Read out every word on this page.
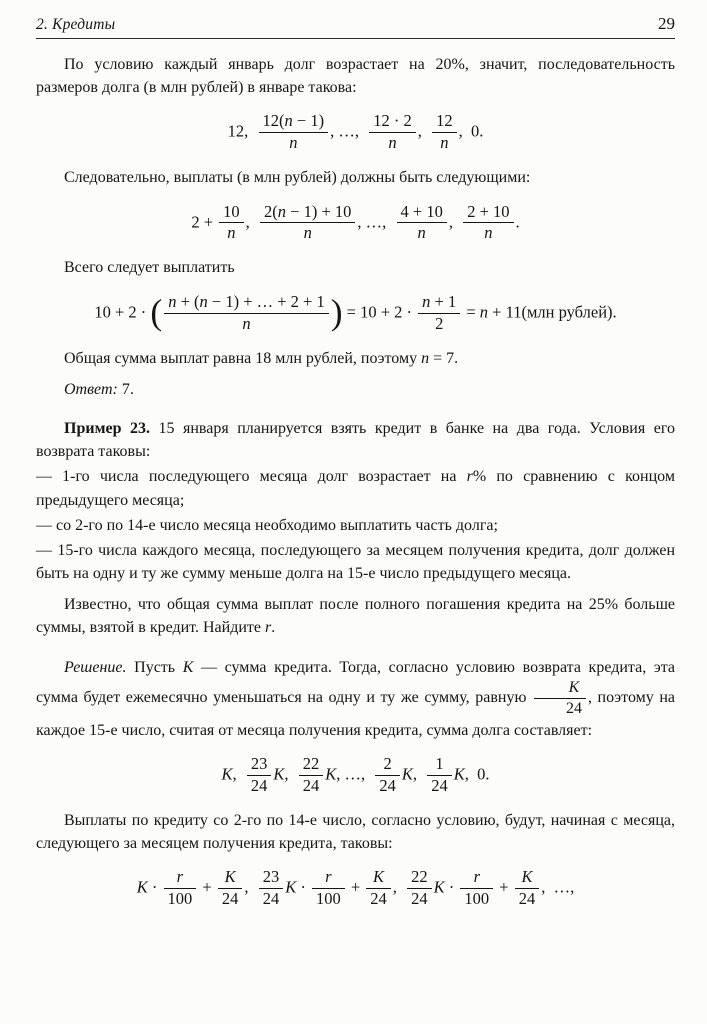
2. Кредиты	29

По условию каждый январь долг возрастает на 20%, значит, последовательность размеров долга (в млн рублей) в январе такова:

12, $\frac{12(n - 1)}{n}$ , …, $\frac{12 \cdot 2}{n}$ , $\frac{12}{n}$ ,  0.

Следовательно, выплаты (в млн рублей) должны быть следующими:

$2 + \frac{10}{n}$ , $\frac{2(n - 1) + 10}{n}$ , …, $\frac{4 + 10}{n}$ , $\frac{2 + 10}{n}$ .

Всего следует выплатить

10 + 2 · ( $\frac{n + (n - 1) + \dots + 2 + 1}{n}$ ) = $10 + 2 \cdot \frac{n + 1}{2} = n + 11(млн$ рублей).

Общая сумма выплат равна 18 млн рублей, поэтому n = 7.

Ответ: 7.

Пример 23. 15 января планируется взять кредит в банке на два года. Условия его возврата таковы:

— 1-го числа последующего месяца долг возрастает на r% по сравнению с концом предыдущего месяца;

— со 2-го по 14-е число месяца необходимо выплатить часть долга;

— 15-го числа каждого месяца, последующего за месяцем получения кредита, долг должен быть на одну и ту же сумму меньше долга на 15-е число предыдущего месяца.

Известно, что общая сумма выплат после полного погашения кредита на 25% больше суммы, взятой в кредит. Найдите r.

Решение. Пусть K — сумма кредита. Тогда, согласно условию возврата кредита, эта сумма будет ежемесячно уменьшаться на одну и ту же сумму, равную $\frac{K}{24}$ , поэтому на каждое 15-е число, считая от месяца получения кредита, сумма долга составляет:

K, $\frac{23}{24} K$, $\frac{22}{24} K$, …, $\frac{2}{24} K$, $\frac{1}{24} K$,  0.

Выплаты по кредиту со 2-го по 14-е число, согласно условию, будут, начиная с месяца, следующего за месяцем получения кредита, таковы:

$K \cdot \frac{r}{100} + \frac{K}{24}$ , $\frac{23}{24}$ $K \cdot \frac{r}{100} + \frac{K}{24}$ , $\frac{22}{24}$ $K \cdot \frac{r}{100} + \frac{K}{24}$ ,  …,
